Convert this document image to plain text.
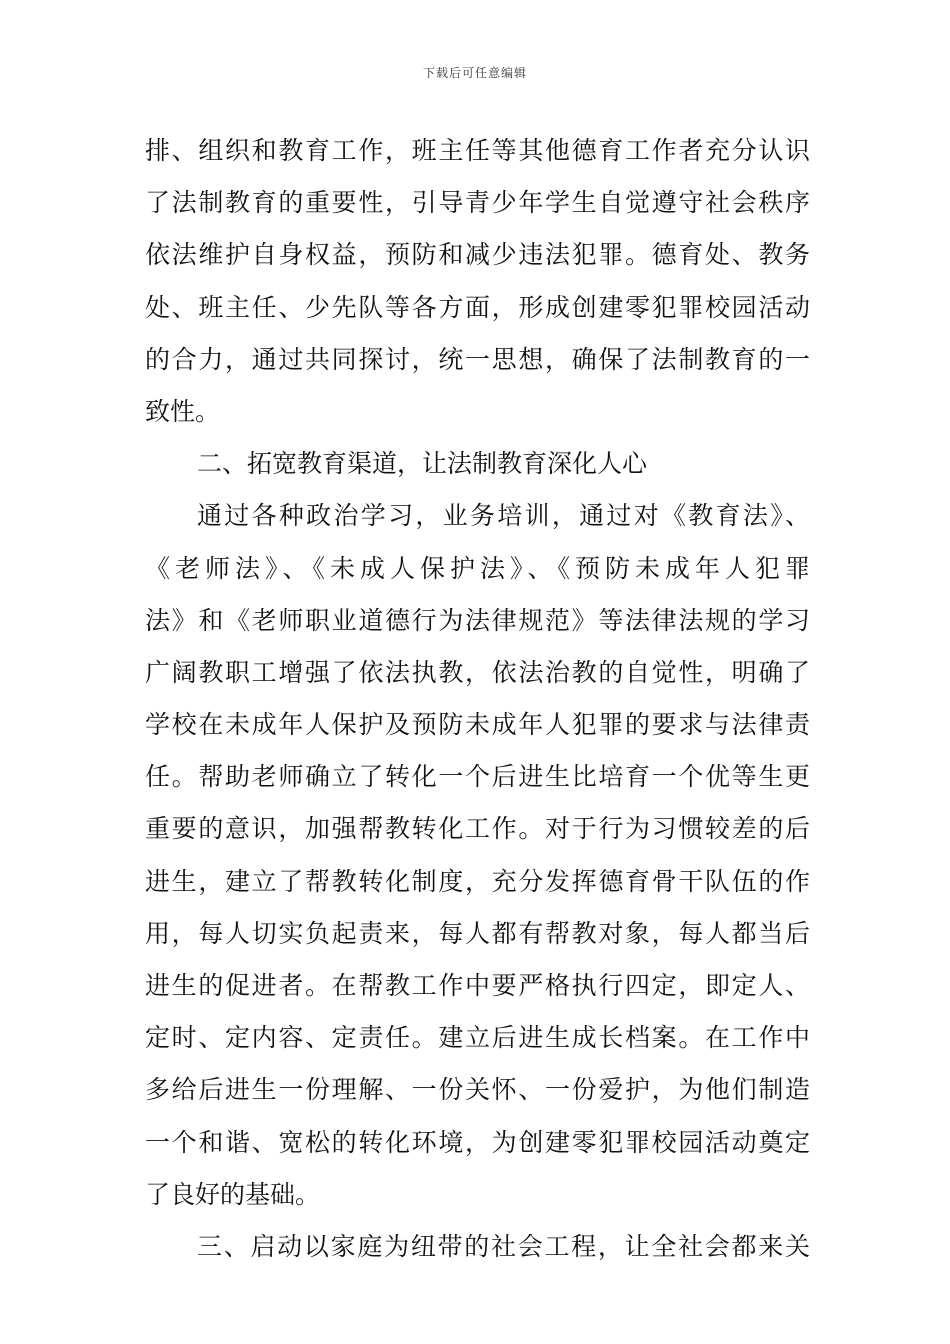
下载后可任意编辑
排、组织和教育工作，班主任等其他德育工作者充分认识
了法制教育的重要性，引导青少年学生自觉遵守社会秩序
依法维护自身权益，预防和减少违法犯罪。德育处、教务
处、班主任、少先队等各方面，形成创建零犯罪校园活动
的合力，通过共同探讨，统一思想，确保了法制教育的一
致性。
二、拓宽教育渠道，让法制教育深化人心
通过各种政治学习，业务培训，通过对《教育法》、
《老师法》、《未成人保护法》、《预防未成年人犯罪
法》和《老师职业道德行为法律规范》等法律法规的学习
广阔教职工增强了依法执教，依法治教的自觉性，明确了
学校在未成年人保护及预防未成年人犯罪的要求与法律责
任。帮助老师确立了转化一个后进生比培育一个优等生更
重要的意识，加强帮教转化工作。对于行为习惯较差的后
进生，建立了帮教转化制度，充分发挥德育骨干队伍的作
用，每人切实负起责来，每人都有帮教对象，每人都当后
进生的促进者。在帮教工作中要严格执行四定，即定人、
定时、定内容、定责任。建立后进生成长档案。在工作中
多给后进生一份理解、一份关怀、一份爱护，为他们制造
一个和谐、宽松的转化环境，为创建零犯罪校园活动奠定
了良好的基础。
三、启动以家庭为纽带的社会工程，让全社会都来关
